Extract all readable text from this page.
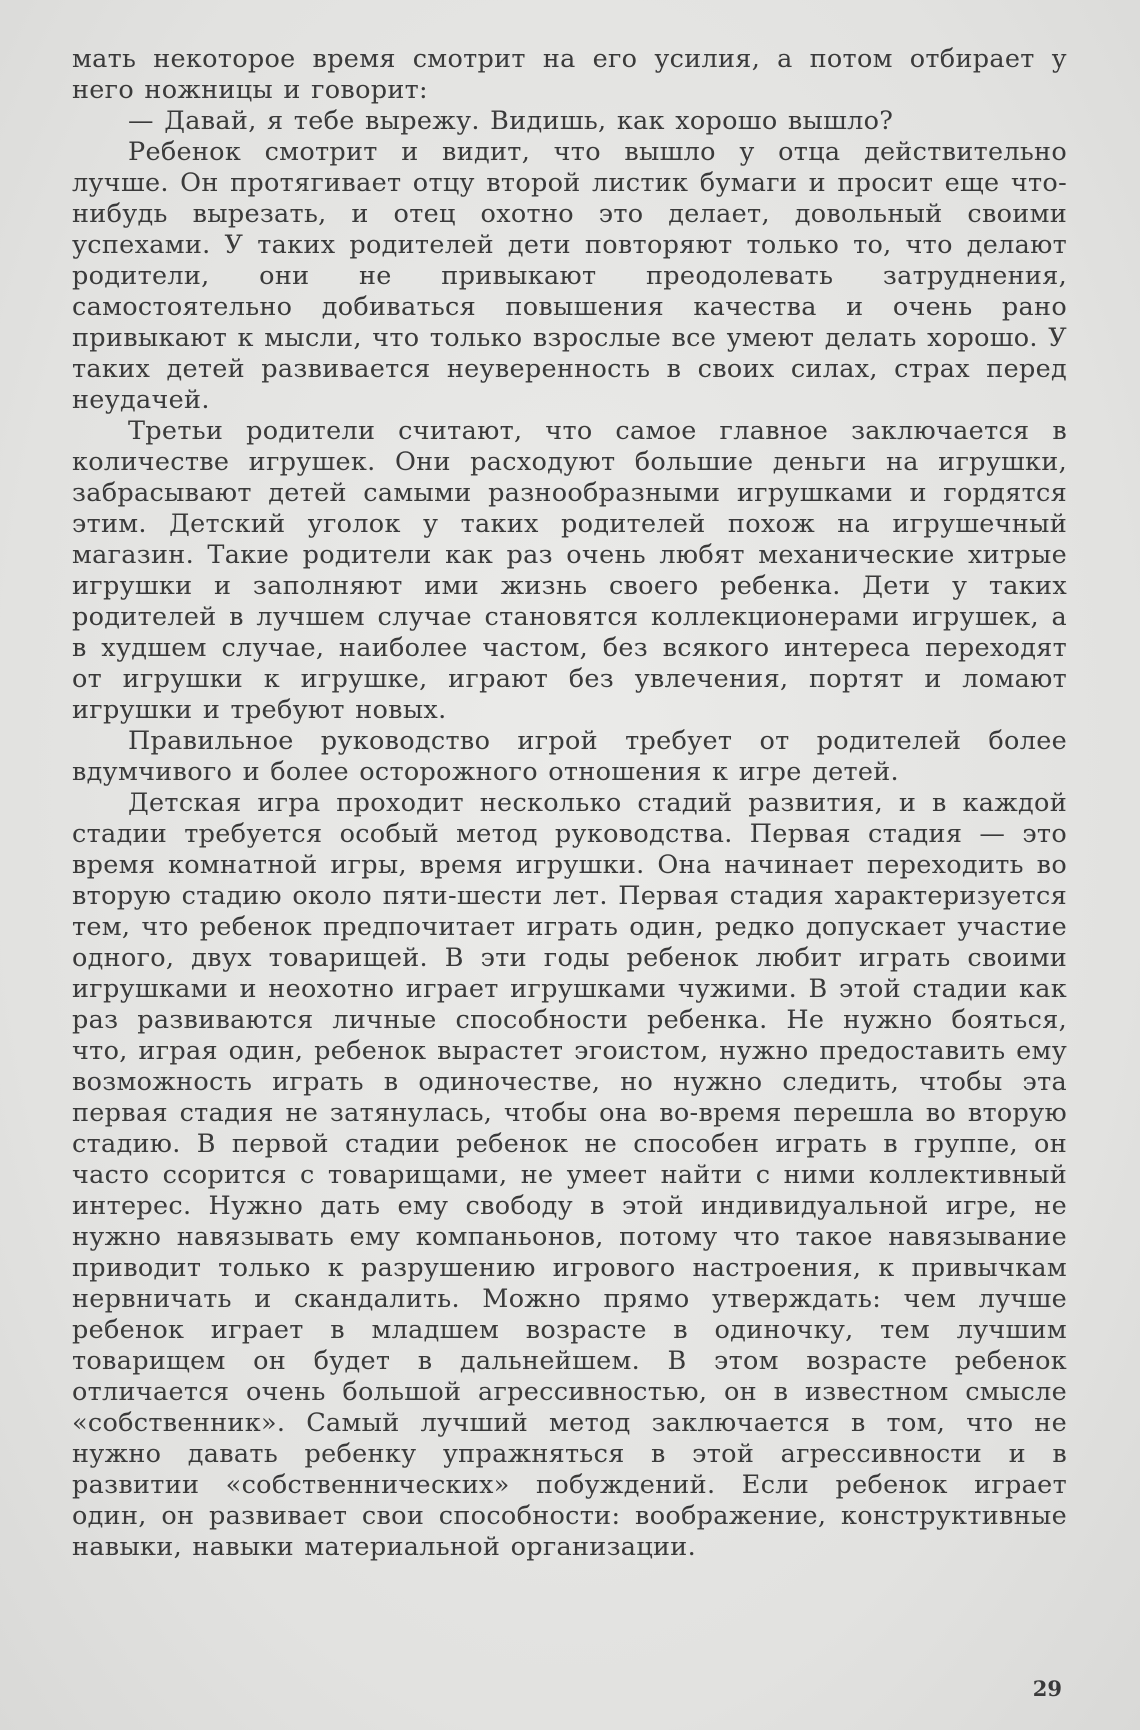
мать некоторое время смотрит на его усилия, а потом отбирает у него ножницы и говорит:

— Давай, я тебе вырежу. Видишь, как хорошо вышло?

Ребенок смотрит и видит, что вышло у отца действительно лучше. Он протягивает отцу второй листик бумаги и просит еще что-нибудь вырезать, и отец охотно это делает, довольный своими успехами. У таких родителей дети повторяют только то, что делают родители, они не привыкают преодолевать затруднения, самостоятельно добиваться повышения качества и очень рано привыкают к мысли, что только взрослые все умеют делать хорошо. У таких детей развивается неуверенность в своих силах, страх перед неудачей.

Третьи родители считают, что самое главное заключается в количестве игрушек. Они расходуют большие деньги на игрушки, забрасывают детей самыми разнообразными игрушками и гордятся этим. Детский уголок у таких родителей похож на игрушечный магазин. Такие родители как раз очень любят механические хитрые игрушки и заполняют ими жизнь своего ребенка. Дети у таких родителей в лучшем случае становятся коллекционерами игрушек, а в худшем случае, наиболее частом, без всякого интереса переходят от игрушки к игрушке, играют без увлечения, портят и ломают игрушки и требуют новых.

Правильное руководство игрой требует от родителей более вдумчивого и более осторожного отношения к игре детей.

Детская игра проходит несколько стадий развития, и в каждой стадии требуется особый метод руководства. Первая стадия — это время комнатной игры, время игрушки. Она начинает переходить во вторую стадию около пяти-шести лет. Первая стадия характеризуется тем, что ребенок предпочитает играть один, редко допускает участие одного, двух товарищей. В эти годы ребенок любит играть своими игрушками и неохотно играет игрушками чужими. В этой стадии как раз развиваются личные способности ребенка. Не нужно бояться, что, играя один, ребенок вырастет эгоистом, нужно предоставить ему возможность играть в одиночестве, но нужно следить, чтобы эта первая стадия не затянулась, чтобы она во-время перешла во вторую стадию. В первой стадии ребенок не способен играть в группе, он часто ссорится с товарищами, не умеет найти с ними коллективный интерес. Нужно дать ему свободу в этой индивидуальной игре, не нужно навязывать ему компаньонов, потому что такое навязывание приводит только к разрушению игрового настроения, к привычкам нервничать и скандалить. Можно прямо утверждать: чем лучше ребенок играет в младшем возрасте в одиночку, тем лучшим товарищем он будет в дальнейшем. В этом возрасте ребенок отличается очень большой агрессивностью, он в известном смысле «собственник». Самый лучший метод заключается в том, что не нужно давать ребенку упражняться в этой агрессивности и в развитии «собственнических» побуждений. Если ребенок играет один, он развивает свои способности: воображение, конструктивные навыки, навыки материальной организации.

29
